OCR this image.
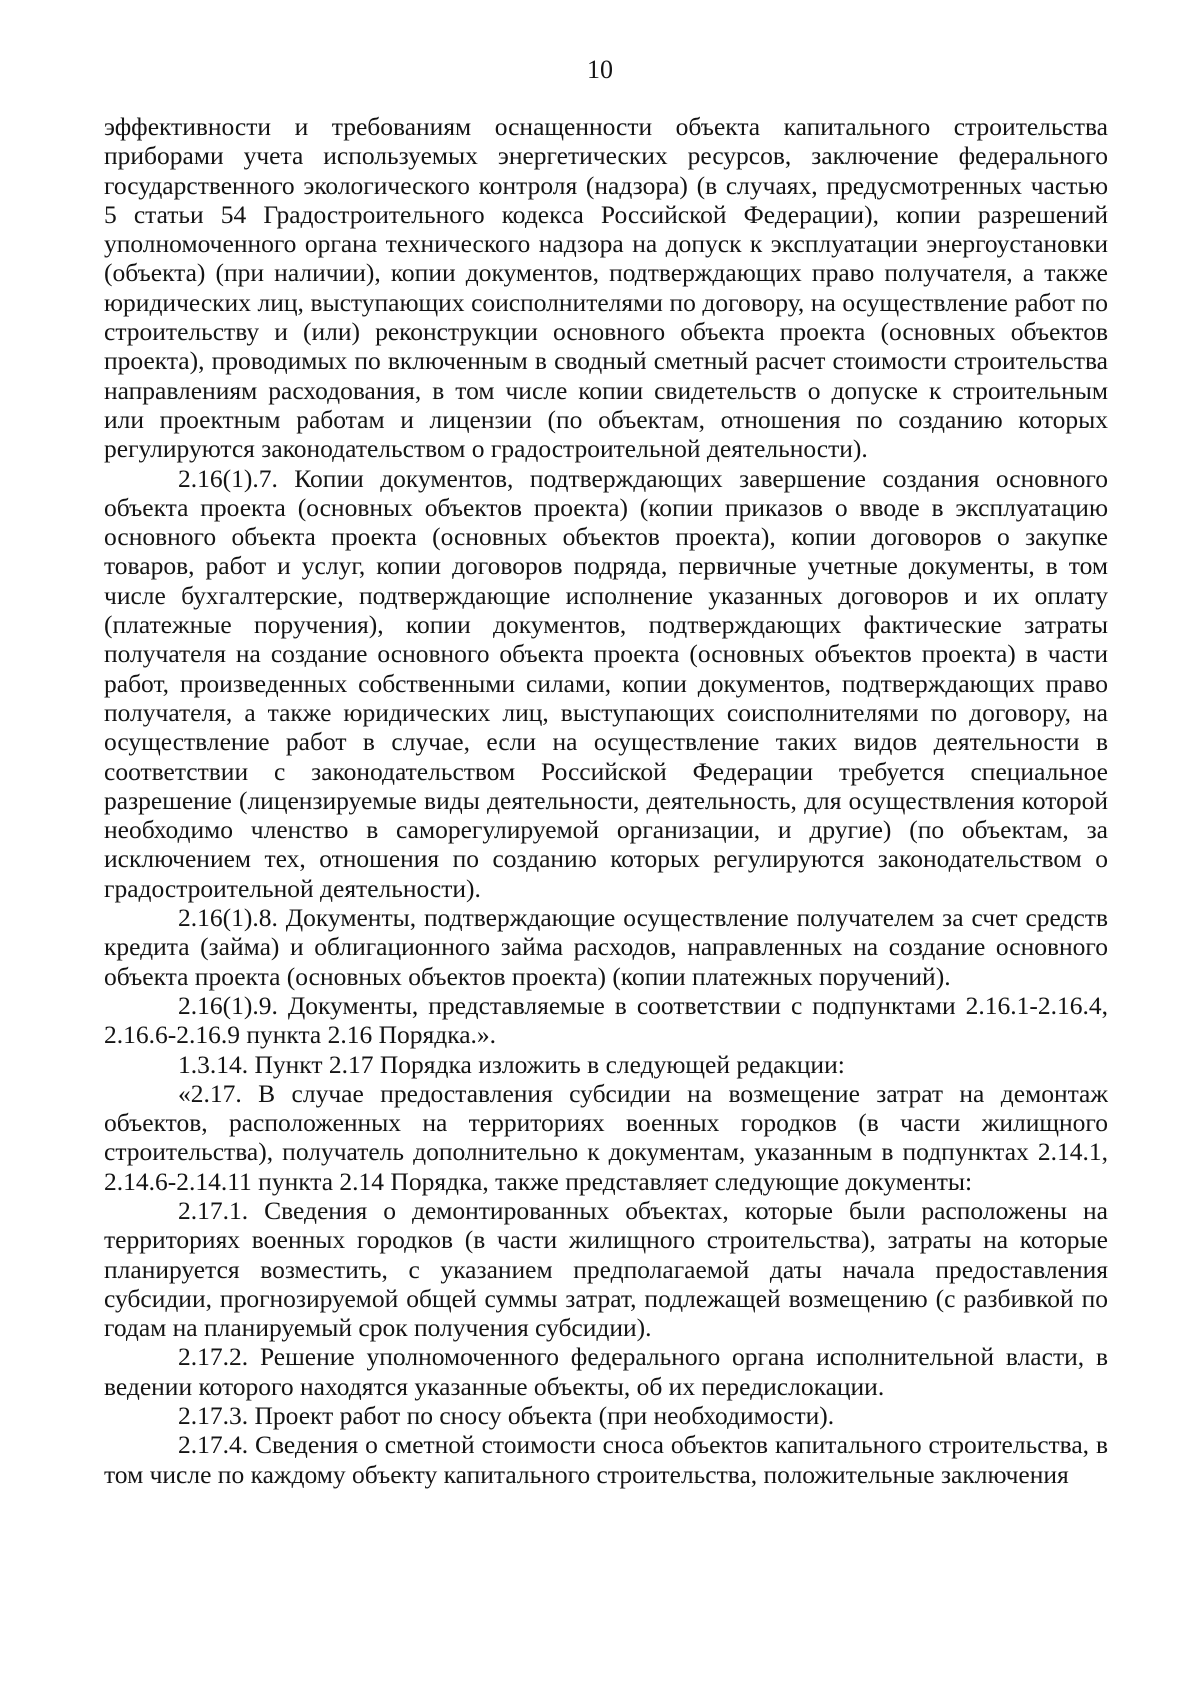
10

эффективности и требованиям оснащенности объекта капитального строительства приборами учета используемых энергетических ресурсов, заключение федерального государственного экологического контроля (надзора) (в случаях, предусмотренных частью 5 статьи 54 Градостроительного кодекса Российской Федерации), копии разрешений уполномоченного органа технического надзора на допуск к эксплуатации энергоустановки (объекта) (при наличии), копии документов, подтверждающих право получателя, а также юридических лиц, выступающих соисполнителями по договору, на осуществление работ по строительству и (или) реконструкции основного объекта проекта (основных объектов проекта), проводимых по включенным в сводный сметный расчет стоимости строительства направлениям расходования, в том числе копии свидетельств о допуске к строительным или проектным работам и лицензии (по объектам, отношения по созданию которых регулируются законодательством о градостроительной деятельности).

2.16(1).7. Копии документов, подтверждающих завершение создания основного объекта проекта (основных объектов проекта) (копии приказов о вводе в эксплуатацию основного объекта проекта (основных объектов проекта), копии договоров о закупке товаров, работ и услуг, копии договоров подряда, первичные учетные документы, в том числе бухгалтерские, подтверждающие исполнение указанных договоров и их оплату (платежные поручения), копии документов, подтверждающих фактические затраты получателя на создание основного объекта проекта (основных объектов проекта) в части работ, произведенных собственными силами, копии документов, подтверждающих право получателя, а также юридических лиц, выступающих соисполнителями по договору, на осуществление работ в случае, если на осуществление таких видов деятельности в соответствии с законодательством Российской Федерации требуется специальное разрешение (лицензируемые виды деятельности, деятельность, для осуществления которой необходимо членство в саморегулируемой организации, и другие) (по объектам, за исключением тех, отношения по созданию которых регулируются законодательством о градостроительной деятельности).

2.16(1).8. Документы, подтверждающие осуществление получателем за счет средств кредита (займа) и облигационного займа расходов, направленных на создание основного объекта проекта (основных объектов проекта) (копии платежных поручений).

2.16(1).9. Документы, представляемые в соответствии с подпунктами 2.16.1-2.16.4, 2.16.6-2.16.9 пункта 2.16 Порядка.».

1.3.14. Пункт 2.17 Порядка изложить в следующей редакции:

«2.17. В случае предоставления субсидии на возмещение затрат на демонтаж объектов, расположенных на территориях военных городков (в части жилищного строительства), получатель дополнительно к документам, указанным в подпунктах 2.14.1, 2.14.6-2.14.11 пункта 2.14 Порядка, также представляет следующие документы:

2.17.1. Сведения о демонтированных объектах, которые были расположены на территориях военных городков (в части жилищного строительства), затраты на которые планируется возместить, с указанием предполагаемой даты начала предоставления субсидии, прогнозируемой общей суммы затрат, подлежащей возмещению (с разбивкой по годам на планируемый срок получения субсидии).

2.17.2. Решение уполномоченного федерального органа исполнительной власти, в ведении которого находятся указанные объекты, об их передислокации.

2.17.3. Проект работ по сносу объекта (при необходимости).

2.17.4. Сведения о сметной стоимости сноса объектов капитального строительства, в том числе по каждому объекту капитального строительства, положительные заключения
